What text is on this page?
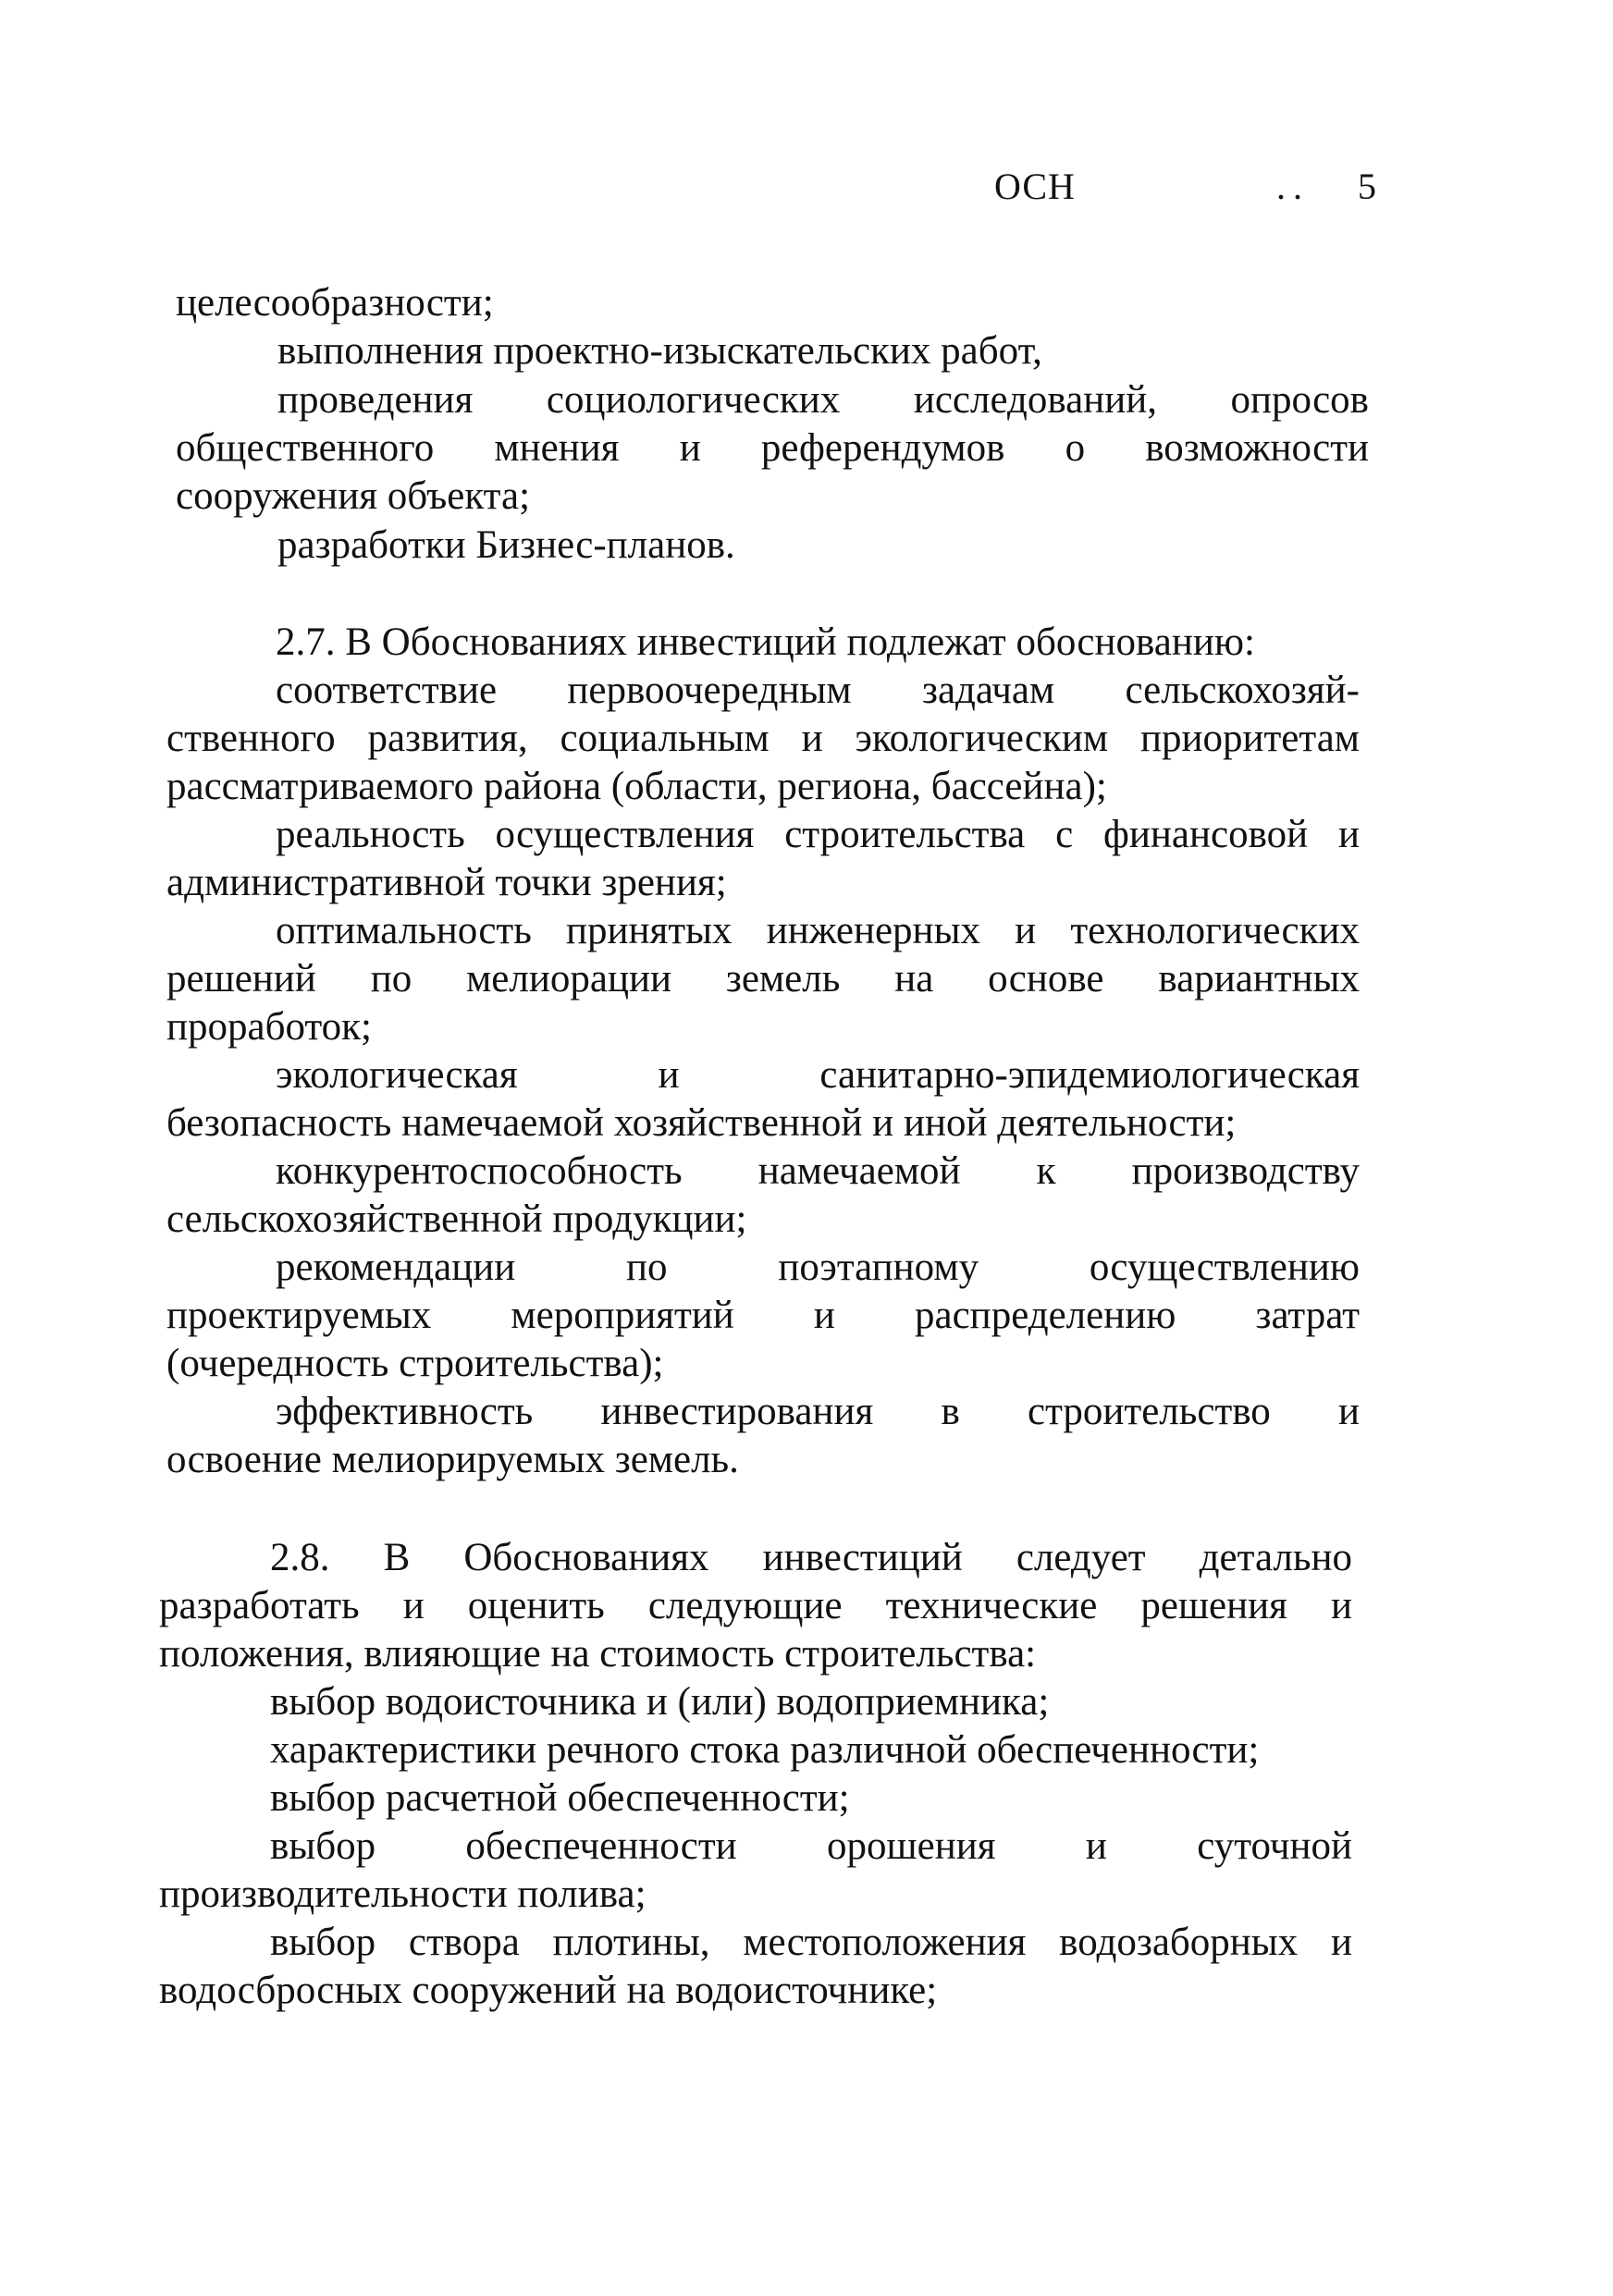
ОСН	.. 5
целесообразности;
выполнения проектно-изыскательских работ,
проведения социологических исследований, опросов
общественного мнения и референдумов о возможности
сооружения объекта;
разработки Бизнес-планов.
2.7. В Обоснованиях инвестиций подлежат обоснованию:
соответствие первоочередным задачам сельскохозяй-
ственного развития, социальным и экологическим приоритетам
рассматриваемого района (области, региона, бассейна);
реальность осуществления строительства с финансовой и
административной точки зрения;
оптимальность принятых инженерных и технологических
решений по мелиорации земель на основе вариантных
проработок;
экологическая и санитарно-эпидемиологическая
безопасность намечаемой хозяйственной и иной деятельности;
конкурентоспособность намечаемой к производству
сельскохозяйственной продукции;
рекомендации по поэтапному осуществлению
проектируемых мероприятий и распределению затрат
(очередность строительства);
эффективность инвестирования в строительство и
освоение мелиорируемых земель.
2.8. В Обоснованиях инвестиций следует детально
разработать и оценить следующие технические решения и
положения, влияющие на стоимость строительства:
выбор водоисточника и (или) водоприемника;
характеристики речного стока различной обеспеченности;
выбор расчетной обеспеченности;
выбор обеспеченности орошения и суточной
производительности полива;
выбор створа плотины, местоположения водозаборных и
водосбросных сооружений на водоисточнике;
